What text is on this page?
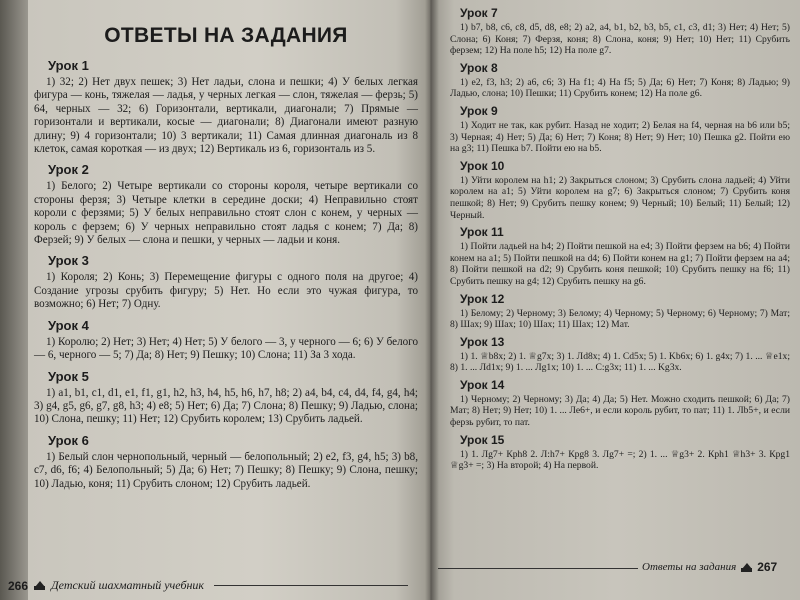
ОТВЕТЫ НА ЗАДАНИЯ
Урок 1

1) 32; 2) Нет двух пешек; 3) Нет ладьи, слона и пешки; 4) У белых легкая фигура — конь, тяжелая — ладья, у черных легкая — слон, тяжелая — ферзь; 5) 64, черных — 32; 6) Горизонтали, вертикали, диагонали; 7) Прямые — горизонтали и вертикали, косые — диагонали; 8) Диагонали имеют разную длину; 9) 4 горизонтали; 10) 3 вертикали; 11) Самая длинная диагональ из 8 клеток, самая короткая — из двух; 12) Вертикаль из 6, горизонталь из 5.

Урок 2

1) Белого; 2) Четыре вертикали со стороны короля, четыре вертикали со стороны ферзя; 3) Четыре клетки в середине доски; 4) Неправильно стоят короли с ферзями; 5) У белых неправильно стоят слон с конем, у черных — король с ферзем; 6) У черных неправильно стоят ладья с конем; 7) Да; 8) Ферзей; 9) У белых — слона и пешки, у черных — ладьи и коня.

Урок 3

1) Короля; 2) Конь; 3) Перемещение фигуры с одного поля на другое; 4) Создание угрозы срубить фигуру; 5) Нет. Но если это чужая фигура, то возможно; 6) Нет; 7) Одну.

Урок 4

1) Королю; 2) Нет; 3) Нет; 4) Нет; 5) У белого — 3, у черного — 6; 6) У белого — 6, черного — 5; 7) Да; 8) Нет; 9) Пешку; 10) Слона; 11) За 3 хода.

Урок 5

1) a1, b1, c1, d1, e1, f1, g1, h2, h3, h4, h5, h6, h7, h8; 2) a4, b4, c4, d4, f4, g4, h4; 3) g4, g5, g6, g7, g8, h3; 4) e8; 5) Нет; 6) Да; 7) Слона; 8) Пешку; 9) Ладью, слона; 10) Слона, пешку; 11) Нет; 12) Срубить королем; 13) Срубить ладьей.

Урок 6

1) Белый слон чернопольный, черный — белопольный; 2) e2, f3, g4, h5; 3) b8, c7, d6, f6; 4) Белопольный; 5) Да; 6) Нет; 7) Пешку; 8) Пешку; 9) Слона, пешку; 10) Ладью, коня; 11) Срубить слоном; 12) Срубить ладьей.

266 Детский шахматный учебник
Урок 7

1) b7, b8, c6, c8, d5, d8, e8; 2) a2, a4, b1, b2, b3, b5, c1, c3, d1; 3) Нет; 4) Нет; 5) Слона; 6) Коня; 7) Ферзя, коня; 8) Слона, коня; 9) Нет; 10) Нет; 11) Срубить ферзем; 12) На поле h5; 12) На поле g7.

Урок 8

1) e2, f3, h3; 2) a6, c6; 3) На f1; 4) На f5; 5) Да; 6) Нет; 7) Коня; 8) Ладью; 9) Ладью, слона; 10) Пешки; 11) Срубить конем; 12) На поле g6.

Урок 9

1) Ходит не так, как рубит. Назад не ходит; 2) Белая на f4, черная на b6 или b5; 3) Черная; 4) Нет; 5) Да; 6) Нет; 7) Коня; 8) Нет; 9) Нет; 10) Пешка g2. Пойти ею на g3; 11) Пешка b7. Пойти ею на b5.

Урок 10

1) Уйти королем на h1; 2) Закрыться слоном; 3) Срубить слона ладьей; 4) Уйти королем на a1; 5) Уйти королем на g7; 6) Закрыться слоном; 7) Срубить коня пешкой; 8) Нет; 9) Срубить пешку конем; 9) Черный; 10) Белый; 11) Белый; 12) Черный.

Урок 11

1) Пойти ладьей на h4; 2) Пойти пешкой на e4; 3) Пойти ферзем на b6; 4) Пойти конем на a1; 5) Пойти пешкой на d4; 6) Пойти конем на g1; 7) Пойти ферзем на a4; 8) Пойти пешкой на d2; 9) Срубить коня пешкой; 10) Срубить пешку на f6; 11) Срубить пешку на g4; 12) Срубить пешку на g6.

Урок 12

1) Белому; 2) Черному; 3) Белому; 4) Черному; 5) Черному; 6) Черному; 7) Мат; 8) Шах; 9) Шах; 10) Шах; 11) Шах; 12) Мат.

Урок 13

1) 1. ♕b8x; 2) 1. ♕g7x; 3) 1. Лd8x; 4) 1. Cd5x; 5) 1. Kb6x; 6) 1. g4x; 7) 1. ... ♕e1x; 8) 1. ... Лd1x; 9) 1. ... Лg1x; 10) 1. ... C:g3x; 11) 1. ... Kg3x.

Урок 14

1) Черному; 2) Черному; 3) Да; 4) Да; 5) Нет. Можно сходить пешкой; 6) Да; 7) Мат; 8) Нет; 9) Нет; 10) 1. ... Лe6+, и если король рубит, то пат; 11) 1. Лb5+, и если ферзь рубит, то пат.

Урок 15

1) 1. Лg7+ Крh8 2. Л:h7+ Крg8 3. Лg7+ =; 2) 1. ... ♕g3+ 2. Крh1 ♕h3+ 3. Крg1 ♕g3+ =; 3) На второй; 4) На первой.

Ответы на задания 267
